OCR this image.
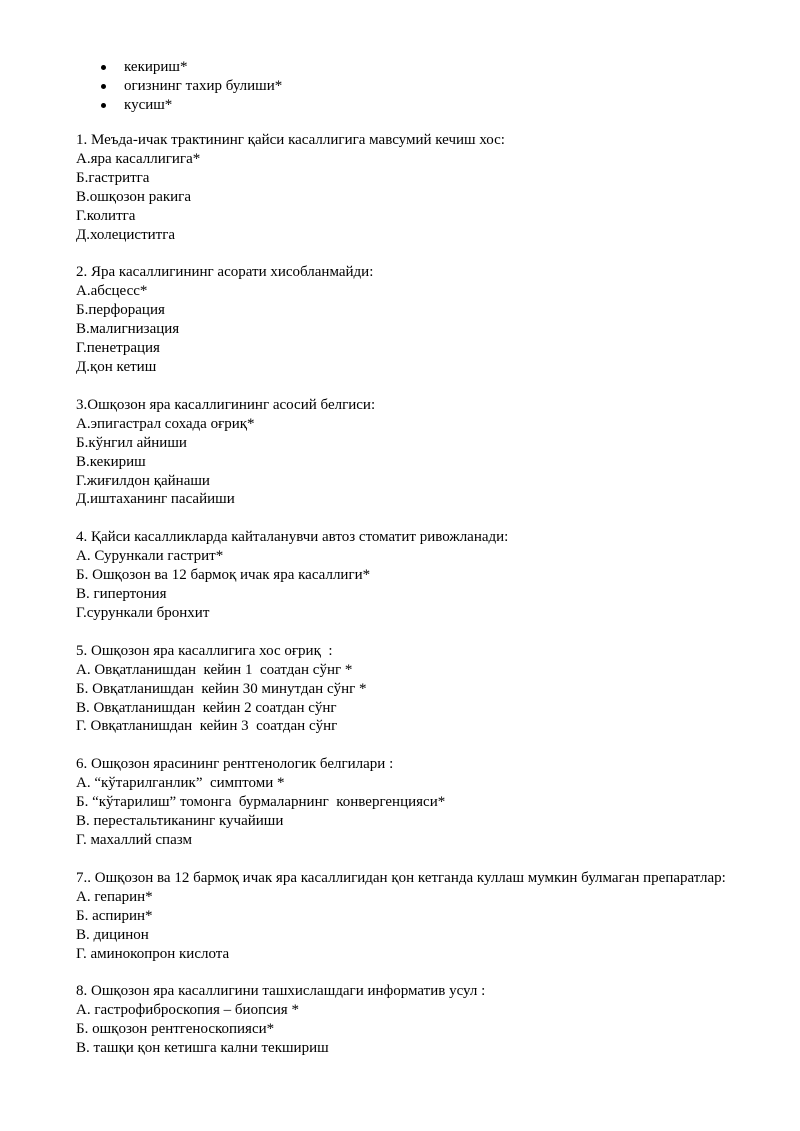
кекириш*
огизнинг тахир булиши*
кусиш*
1. Меъда-ичак трактининг қайси касаллигига мавсумий кечиш хос:
А.яра касаллигига*
Б.гастритга
В.ошқозон ракига
Г.колитга
Д.холециститга
2. Яра касаллигининг асорати хисобланмайди:
А.абсцесс*
Б.перфорация
В.малигнизация
Г.пенетрация
Д.қон кетиш
3.Ошқозон яра касаллигининг асосий белгиси:
А.эпигастрал сохада оғриқ*
Б.кўнгил айниши
В.кекириш
Г.жиғилдон қайнаши
Д.иштаханинг пасайиши
4. Қайси касалликларда кайталанувчи автоз стоматит ривожланади:
А. Сурункали гастрит*
Б. Ошқозон ва 12 бармоқ ичак яра касаллиги*
В. гипертония
Г.сурункали бронхит
5. Ошқозон яра касаллигига хос оғриқ  :
А. Овқатланишдан  кейин 1  соатдан сўнг *
Б. Овқатланишдан  кейин 30 минутдан сўнг *
В. Овқатланишдан  кейин 2 соатдан сўнг
Г. Овқатланишдан  кейин 3  соатдан сўнг
6. Ошқозон ярасининг рентгенологик белгилари :
А. “кўтарилганлик”  симптоми *
Б. “кўтарилиш” томонга  бурмаларнинг  конвергенцияси*
В. перестальтиканинг кучайиши
Г. махаллий спазм
7.. Ошқозон ва 12 бармоқ ичак яра касаллигидан қон кетганда куллаш мумкин булмаган препаратлар:
А. гепарин*
Б. аспирин*
В. дицинон
Г. аминокопрон кислота
8. Ошқозон яра касаллигини ташхислашдаги информатив усул :
А. гастрофиброскопия – биопсия *
Б. ошқозон рентгеноскопияси*
В. ташқи қон кетишга кални текшириш
